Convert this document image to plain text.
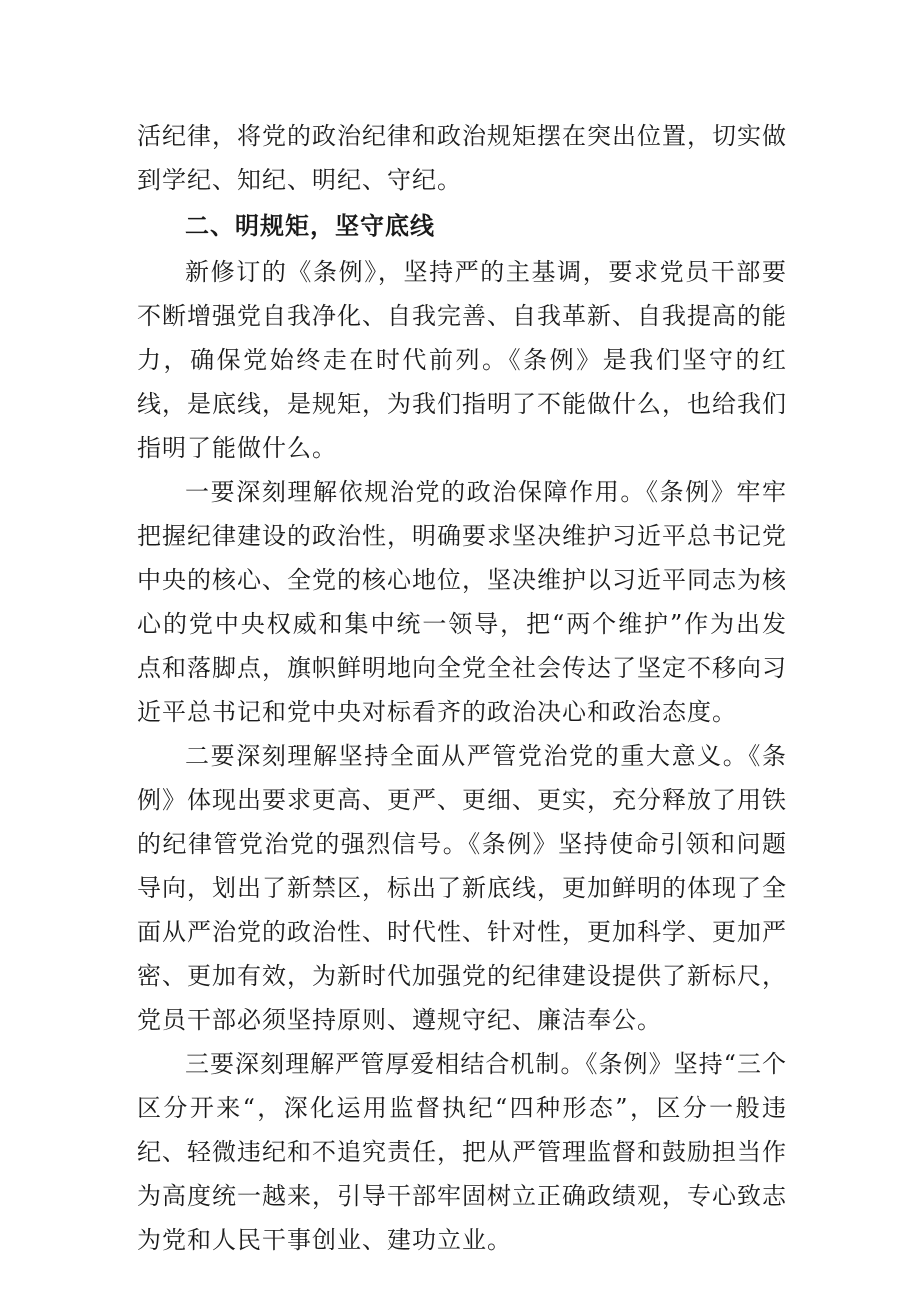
活纪律，将党的政治纪律和政治规矩摆在突出位置，切实做到学纪、知纪、明纪、守纪。

二、明规矩，坚守底线

新修订的《条例》，坚持严的主基调，要求党员干部要不断增强党自我净化、自我完善、自我革新、自我提高的能力，确保党始终走在时代前列。《条例》是我们坚守的红线，是底线，是规矩，为我们指明了不能做什么，也给我们指明了能做什么。

一要深刻理解依规治党的政治保障作用。《条例》牢牢把握纪律建设的政治性，明确要求坚决维护习近平总书记党中央的核心、全党的核心地位，坚决维护以习近平同志为核心的党中央权威和集中统一领导，把“两个维护”作为出发点和落脚点，旗帜鲜明地向全党全社会传达了坚定不移向习近平总书记和党中央对标看齐的政治决心和政治态度。

二要深刻理解坚持全面从严管党治党的重大意义。《条例》体现出要求更高、更严、更细、更实，充分释放了用铁的纪律管党治党的强烈信号。《条例》坚持使命引领和问题导向，划出了新禁区，标出了新底线，更加鲜明的体现了全面从严治党的政治性、时代性、针对性，更加科学、更加严密、更加有效，为新时代加强党的纪律建设提供了新标尺，党员干部必须坚持原则、遵规守纪、廉洁奉公。

三要深刻理解严管厚爱相结合机制。《条例》坚持“三个区分开来“，深化运用监督执纪“四种形态”，区分一般违纪、轻微违纪和不追究责任，把从严管理监督和鼓励担当作为高度统一越来，引导干部牢固树立正确政绩观，专心致志为党和人民干事创业、建功立业。
